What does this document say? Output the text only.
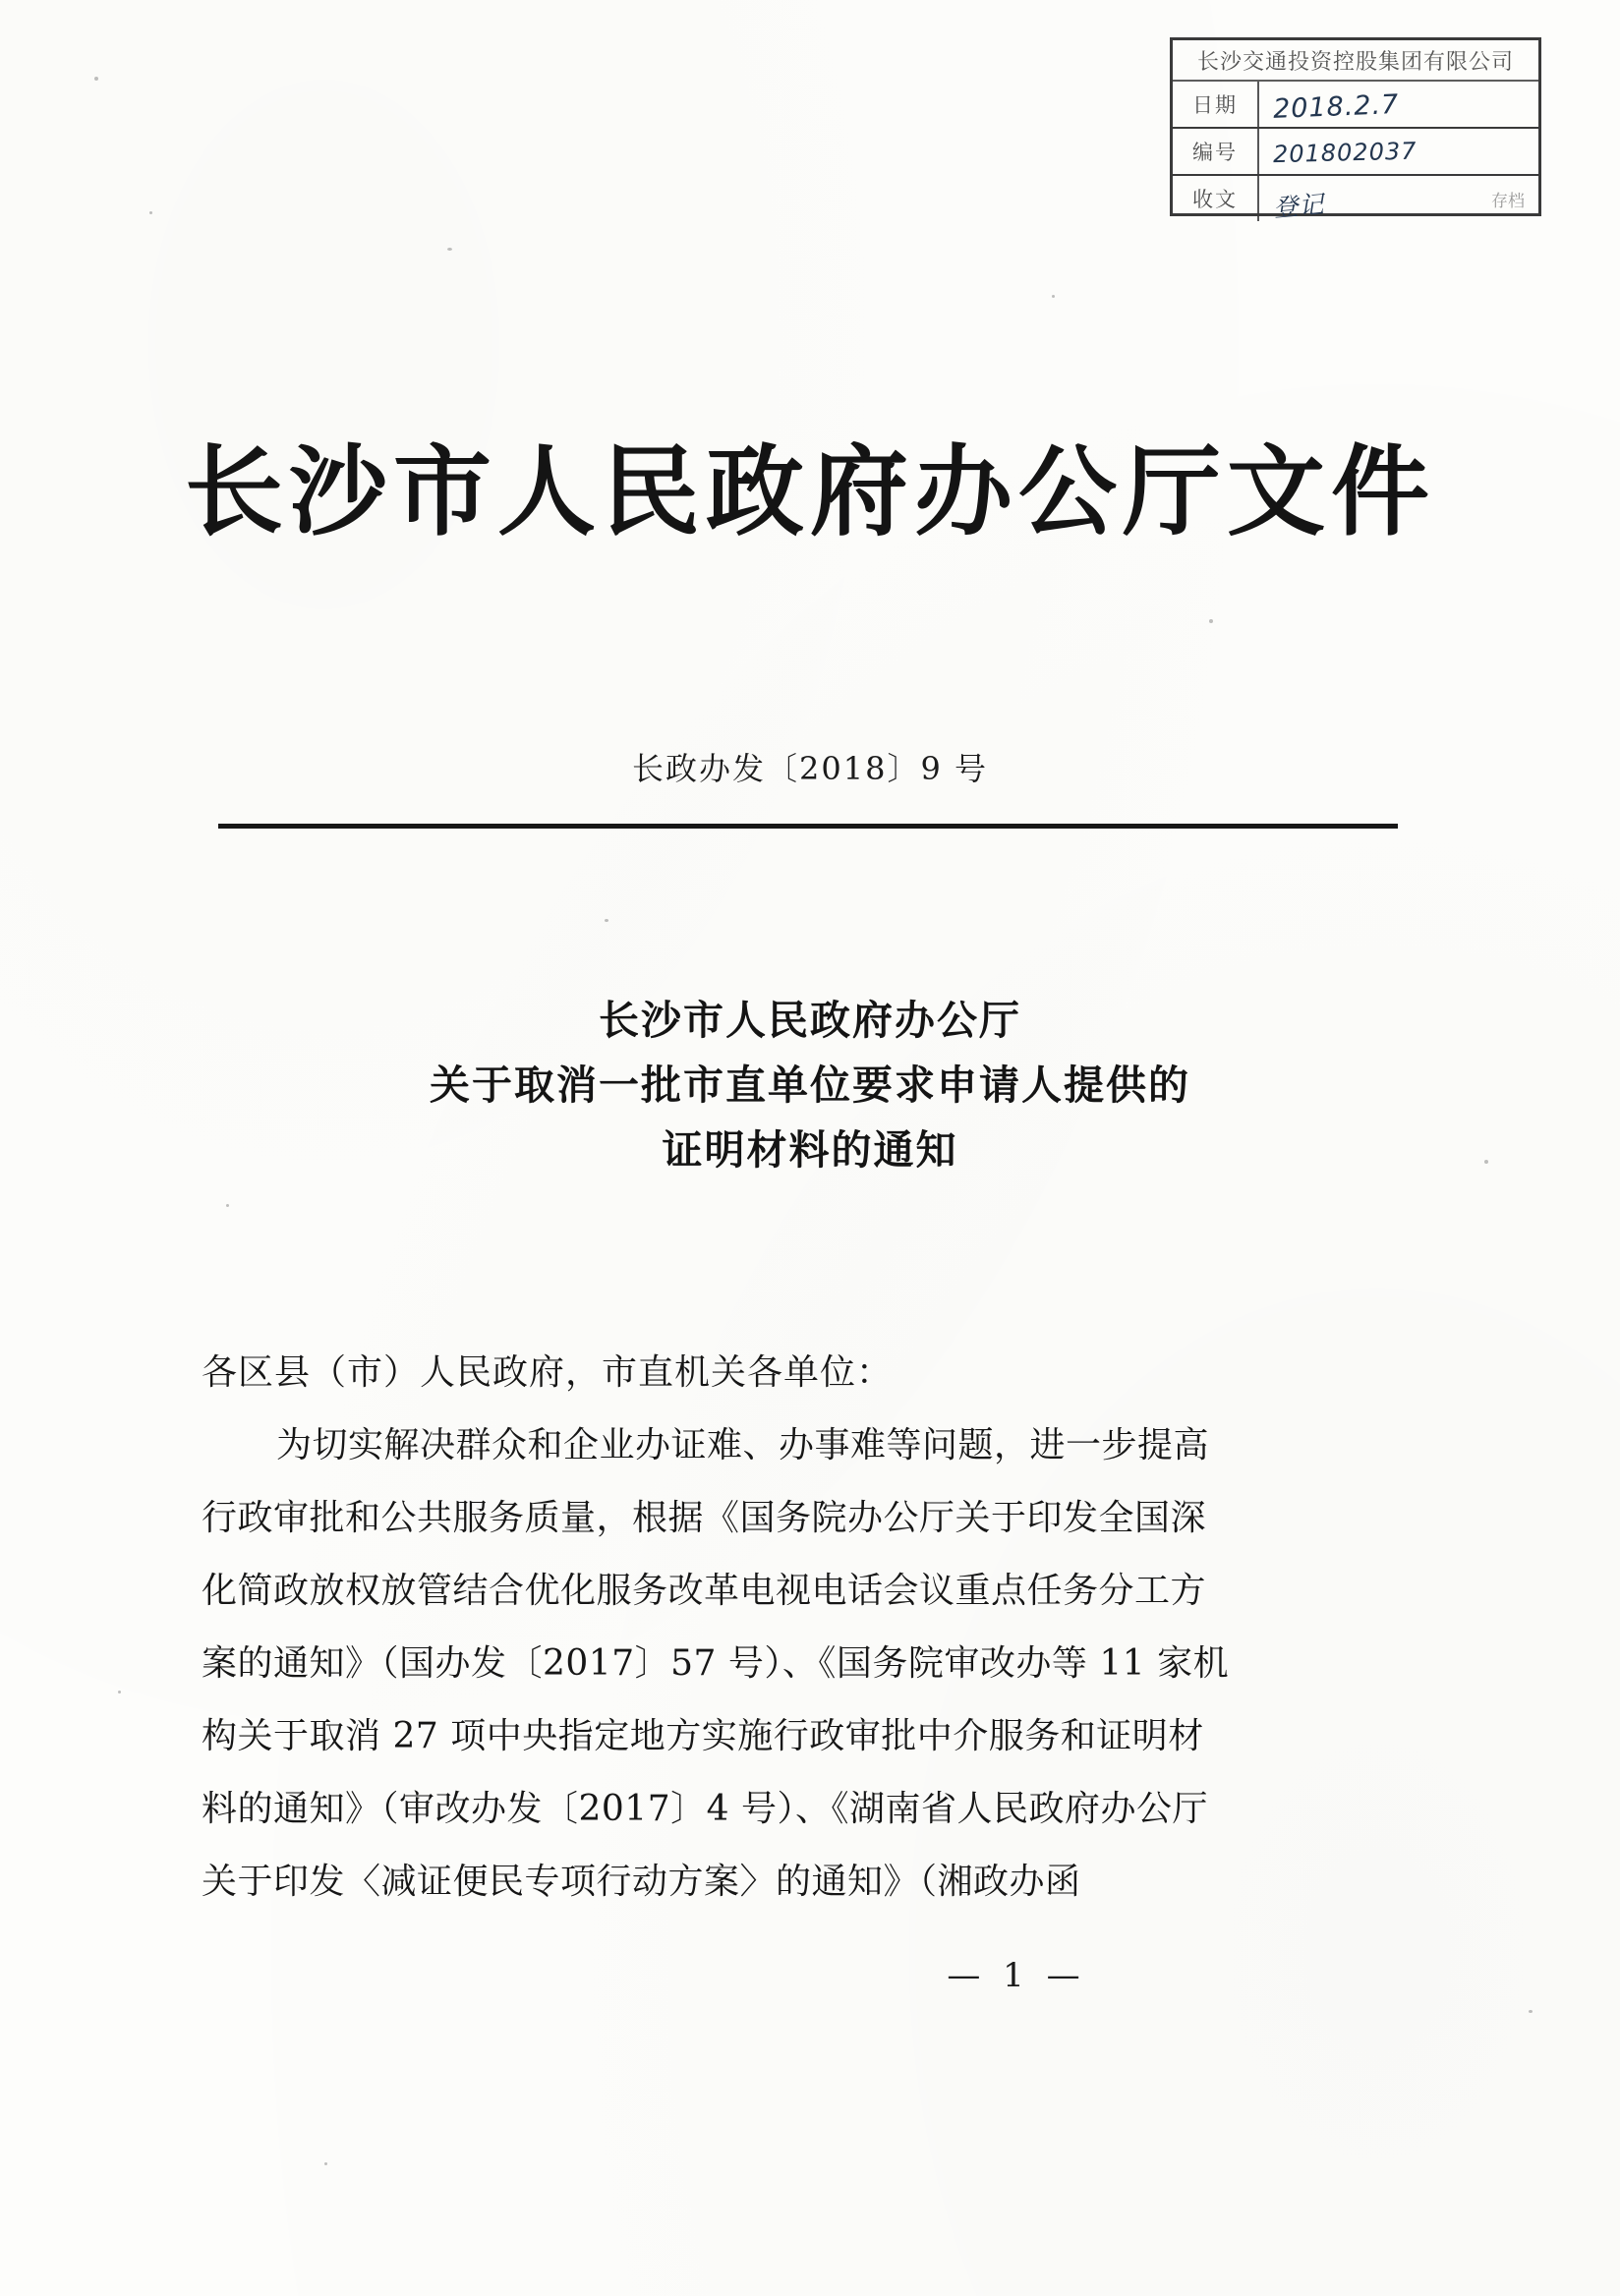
长沙交通投资控股集团有限公司
日期	2018.2.7
编号	201802037
收文	登记	存档
长沙市人民政府办公厅文件
长政办发〔2018〕9 号
长沙市人民政府办公厅
关于取消一批市直单位要求申请人提供的
证明材料的通知
各区县（市）人民政府，市直机关各单位：
为切实解决群众和企业办证难、办事难等问题，进一步提高
行政审批和公共服务质量，根据《国务院办公厅关于印发全国深
化简政放权放管结合优化服务改革电视电话会议重点任务分工方
案的通知》（国办发〔2017〕57 号）、《国务院审改办等 11 家机
构关于取消 27 项中央指定地方实施行政审批中介服务和证明材
料的通知》（审改办发〔2017〕4 号）、《湖南省人民政府办公厅
关于印发〈减证便民专项行动方案〉的通知》（湘政办函
— 1 —
